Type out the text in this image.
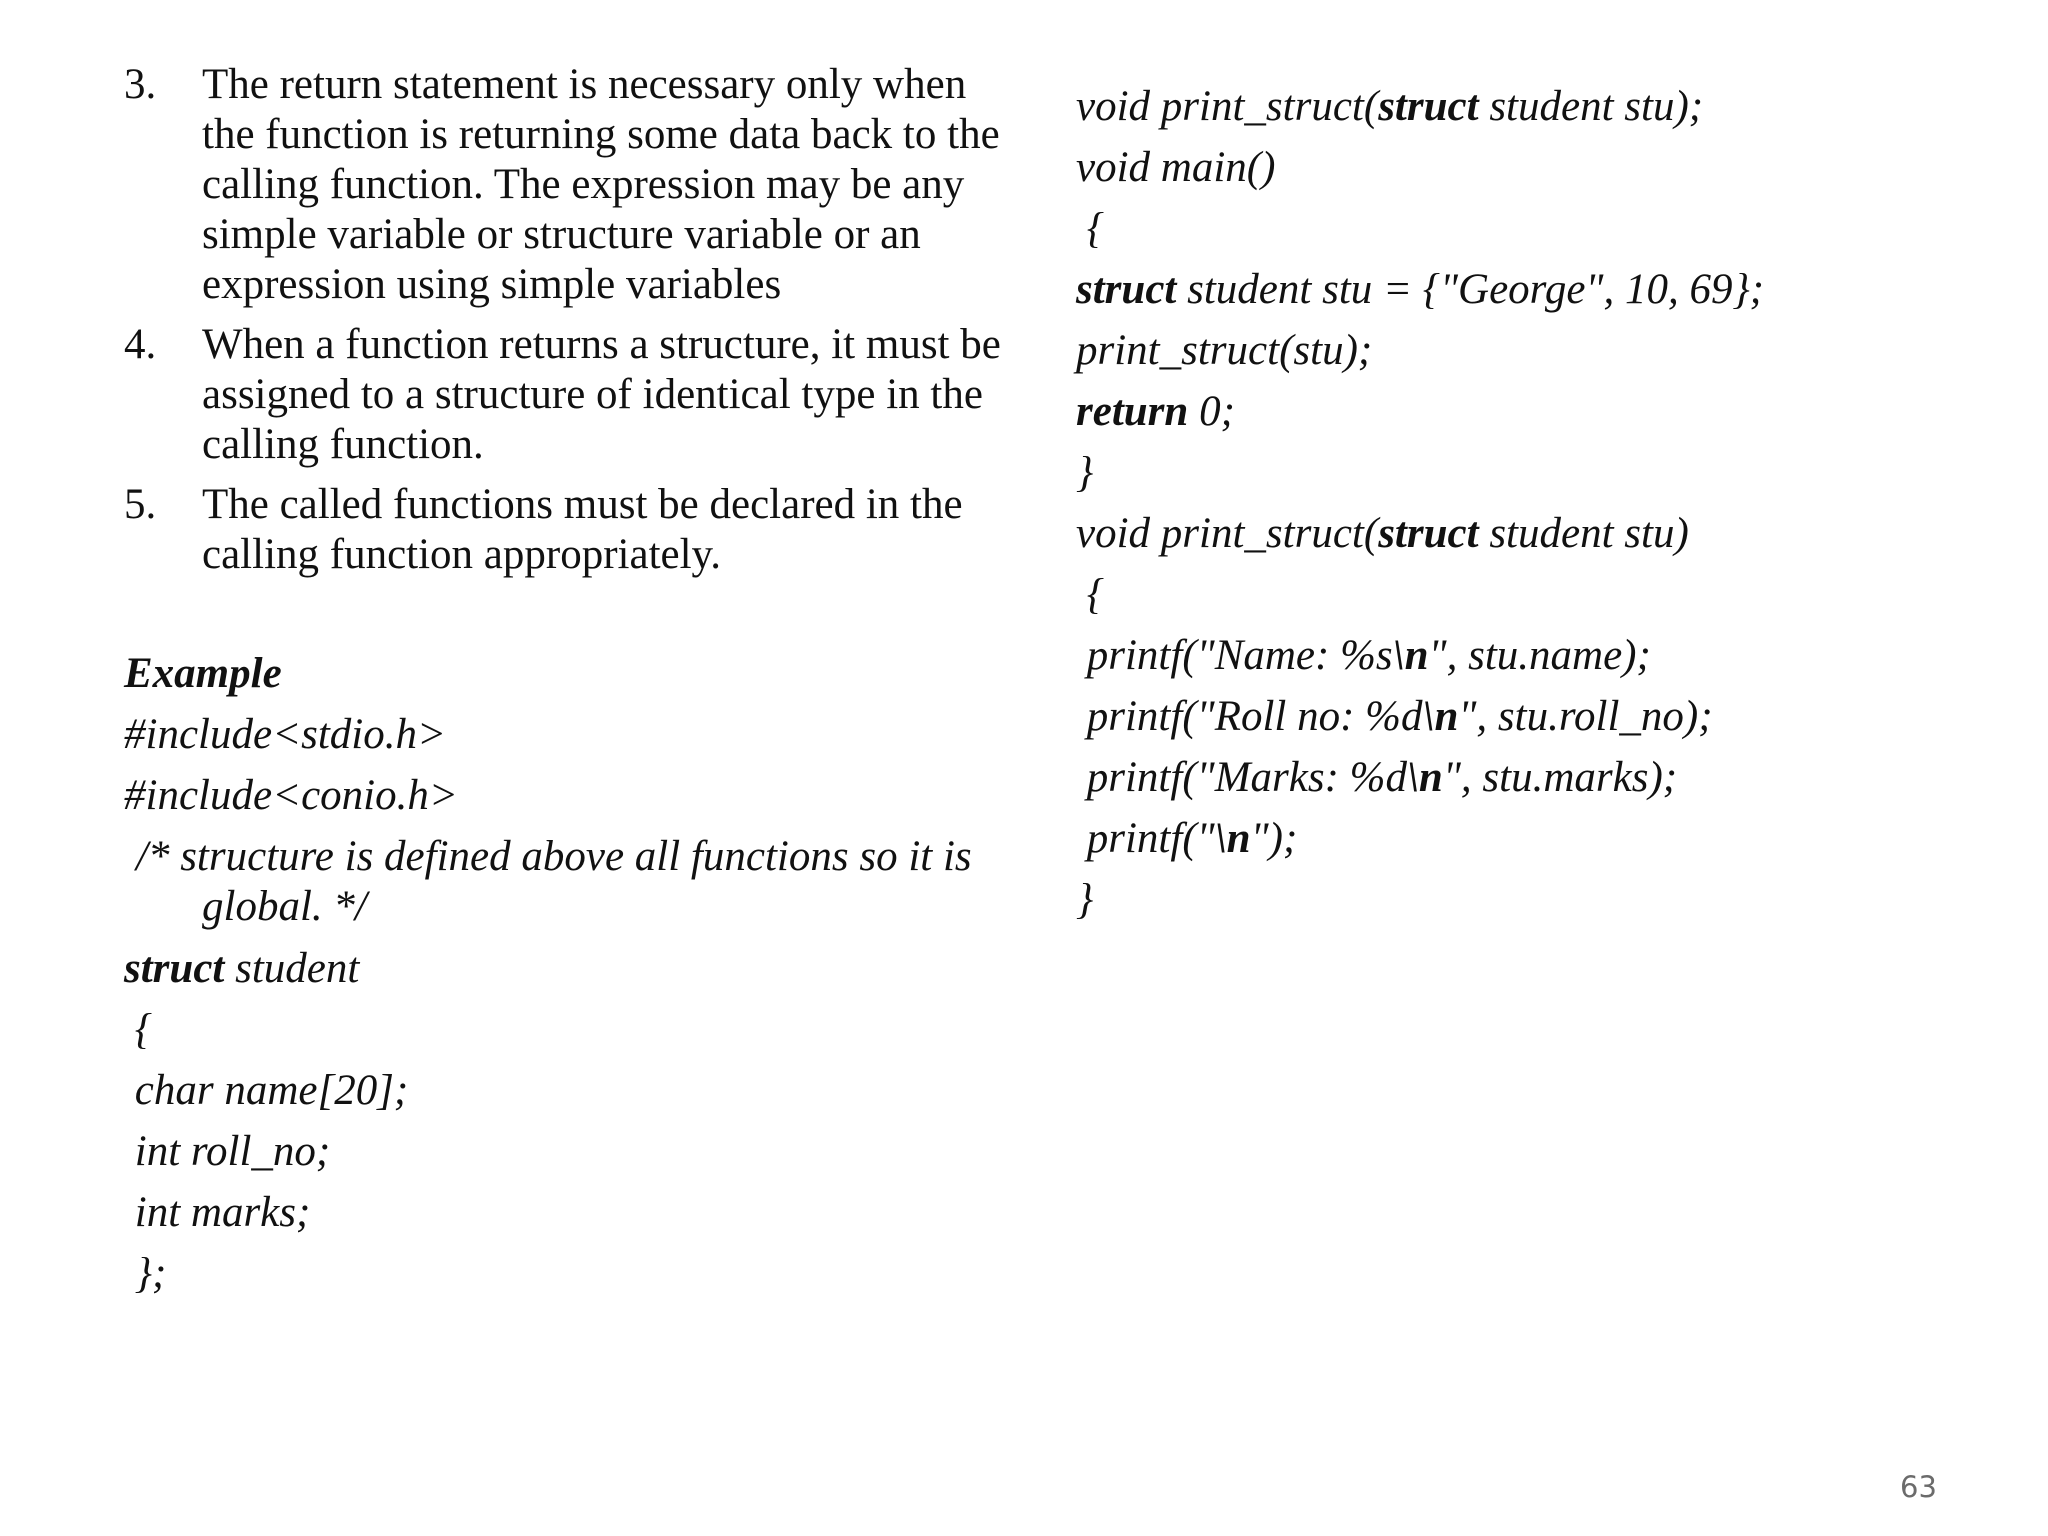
3. The return statement is necessary only when the function is returning some data back to the calling function. The expression may be any simple variable or structure variable or an expression using simple variables
4. When a function returns a structure, it must be assigned to a structure of identical type in the calling function.
5. The called functions must be declared in the calling function appropriately.
Example
#include<stdio.h>
#include<conio.h>
/* structure is defined above all functions so it is global. */
struct student
{
char name[20];
int roll_no;
int marks;
};
void print_struct(struct student stu);
void main()
{
struct student stu = {"George", 10, 69};
print_struct(stu);
return 0;
}
void print_struct(struct student stu)
{
printf("Name: %s\n", stu.name);
printf("Roll no: %d\n", stu.roll_no);
printf("Marks: %d\n", stu.marks);
printf("\n");
}
63
